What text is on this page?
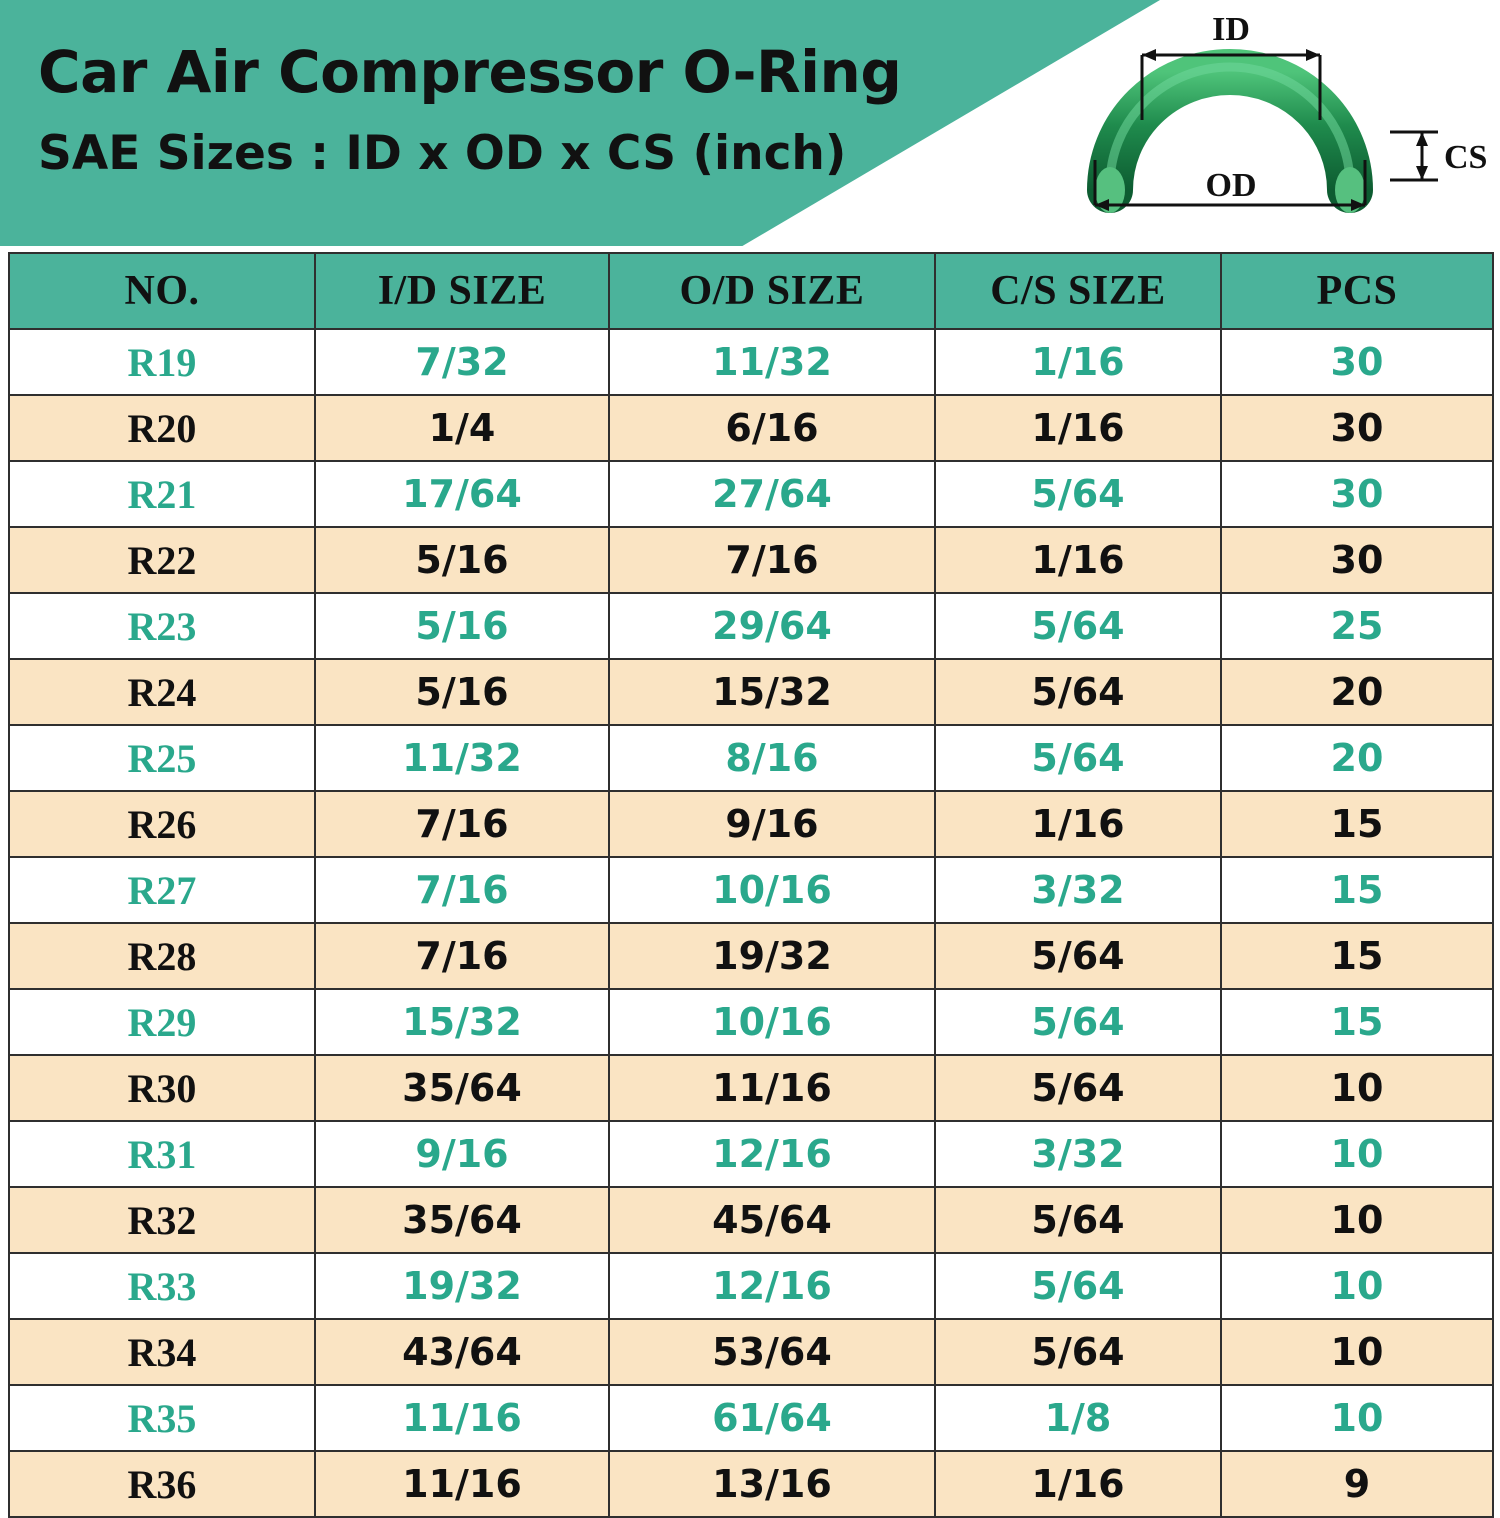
Car Air Compressor O-Ring
SAE Sizes : ID x OD x CS (inch)
ID
OD
CS
NO.	I/D SIZE	O/D SIZE	C/S SIZE	PCS
R19	7/32	11/32	1/16	30
R20	1/4	6/16	1/16	30
R21	17/64	27/64	5/64	30
R22	5/16	7/16	1/16	30
R23	5/16	29/64	5/64	25
R24	5/16	15/32	5/64	20
R25	11/32	8/16	5/64	20
R26	7/16	9/16	1/16	15
R27	7/16	10/16	3/32	15
R28	7/16	19/32	5/64	15
R29	15/32	10/16	5/64	15
R30	35/64	11/16	5/64	10
R31	9/16	12/16	3/32	10
R32	35/64	45/64	5/64	10
R33	19/32	12/16	5/64	10
R34	43/64	53/64	5/64	10
R35	11/16	61/64	1/8	10
R36	11/16	13/16	1/16	9
